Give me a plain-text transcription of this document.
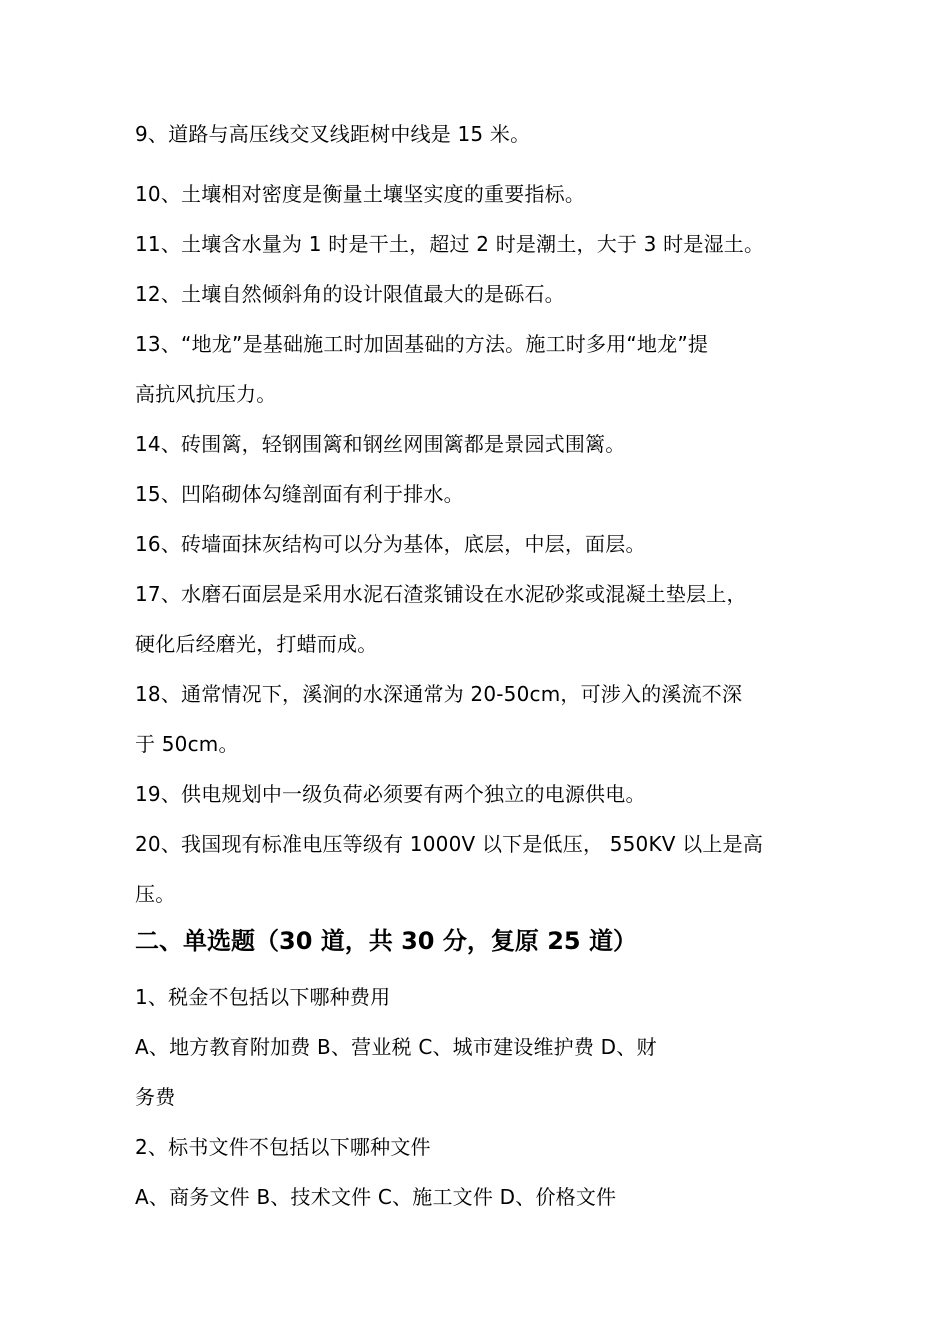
9、道路与高压线交叉线距树中线是 15 米。
10、土壤相对密度是衡量土壤坚实度的重要指标。
11、土壤含水量为 1 时是干土，超过 2 时是潮土，大于 3 时是湿土。
12、土壤自然倾斜角的设计限值最大的是砾石。
13、“地龙”是基础施工时加固基础的方法。施工时多用“地龙”提
高抗风抗压力。
14、砖围篱，轻钢围篱和钢丝网围篱都是景园式围篱。
15、凹陷砌体勾缝剖面有利于排水。
16、砖墙面抹灰结构可以分为基体，底层，中层，面层。
17、水磨石面层是采用水泥石渣浆铺设在水泥砂浆或混凝土垫层上，
硬化后经磨光，打蜡而成。
18、通常情况下，溪涧的水深通常为 20-50cm，可涉入的溪流不深
于 50cm。
19、供电规划中一级负荷必须要有两个独立的电源供电。
20、我国现有标准电压等级有 1000V 以下是低压， 550KV 以上是高
压。
二、单选题（30 道，共 30 分，复原 25 道）
1、税金不包括以下哪种费用
A、地方教育附加费 B、营业税 C、城市建设维护费 D、财
务费
2、标书文件不包括以下哪种文件
A、商务文件 B、技术文件 C、施工文件 D、价格文件
